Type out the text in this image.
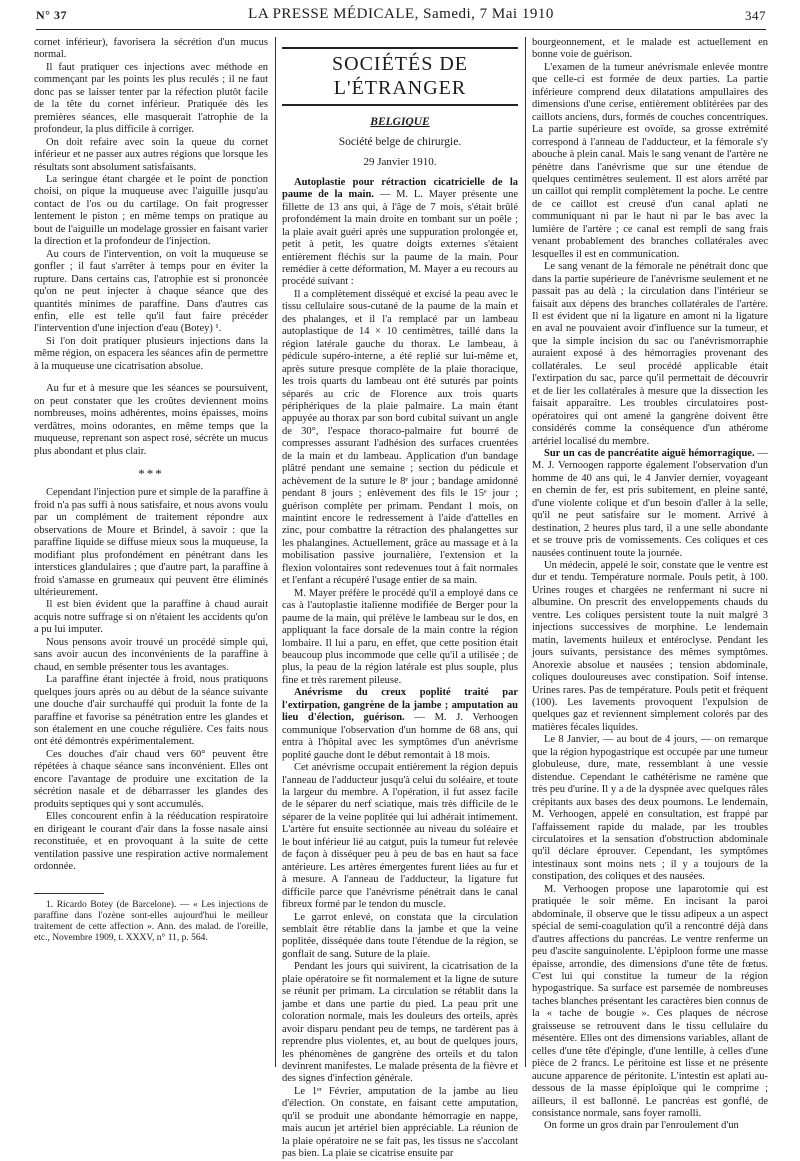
N° 37	LA PRESSE MÉDICALE, Samedi, 7 Mai 1910	347

cornet inférieur), favorisera la sécrétion d'un mucus normal.

Il faut pratiquer ces injections avec méthode en commençant par les points les plus reculés ; il ne faut donc pas se laisser tenter par la réfection plutôt facile de la tête du cornet inférieur. Pratiquée dès les premières séances, elle masquerait l'atrophie de la profondeur, la plus difficile à corriger.

On doit refaire avec soin la queue du cornet inférieur et ne passer aux autres régions que lorsque les résultats sont absolument satisfaisants.

La seringue étant chargée et le point de ponction choisi, on pique la muqueuse avec l'aiguille jusqu'au contact de l'os ou du cartilage. On fait progresser lentement le piston ; en même temps on pratique au bout de l'aiguille un modelage grossier en faisant varier la direction et la profondeur de l'injection.

Au cours de l'intervention, on voit la muqueuse se gonfler ; il faut s'arrêter à temps pour en éviter la rupture. Dans certains cas, l'atrophie est si prononcée qu'on ne peut injecter à chaque séance que des quantités minimes de paraffine. Dans d'autres cas enfin, elle est telle qu'il faut faire précéder l'intervention d'une injection d'eau (Botey) ¹.

Si l'on doit pratiquer plusieurs injections dans la même région, on espacera les séances afin de permettre à la muqueuse une cicatrisation absolue.

Au fur et à mesure que les séances se poursuivent, on peut constater que les croûtes deviennent moins nombreuses, moins adhérentes, moins épaisses, moins verdâtres, moins odorantes, en même temps que la muqueuse, reprenant son aspect rosé, sécrète un mucus plus abondant et plus clair.

***

Cependant l'injection pure et simple de la paraffine à froid n'a pas suffi à nous satisfaire, et nous avons voulu par un complément de traitement répondre aux observations de Moure et Brindel, à savoir : que la paraffine liquide se diffuse mieux sous la muqueuse, la modifiant plus profondément en pénétrant dans les interstices glandulaires ; que d'autre part, la paraffine à froid s'amasse en grumeaux qui peuvent être éliminés ultérieurement.

Il est bien évident que la paraffine à chaud aurait acquis notre suffrage si on n'étaient les accidents qu'on a pu lui imputer.

Nous pensons avoir trouvé un procédé simple qui, sans avoir aucun des inconvénients de la paraffine à chaud, en semble présenter tous les avantages.

La paraffine étant injectée à froid, nous pratiquons quelques jours après ou au début de la séance suivante une douche d'air surchauffé qui produit la fonte de la paraffine et favorise sa pénétration entre les glandes et son étalement en une couche régulière. Ces faits nous ont été démontrés expérimentalement.

Ces douches d'air chaud vers 60° peuvent être répétées à chaque séance sans inconvénient. Elles ont encore l'avantage de produire une excitation de la sécrétion nasale et de débarrasser les glandes des produits septiques qui y sont accumulés.

Elles concourent enfin à la rééducation respiratoire en dirigeant le courant d'air dans la fosse nasale ainsi reconstituée, et en provoquant à la suite de cette ventilation passive une respiration active normalement ordonnée.

1. Ricardo Botey (de Barcelone). — « Les injections de paraffine dans l'ozène sont-elles aujourd'hui le meilleur traitement de cette affection ». Ann. des malad. de l'oreille, etc., Novembre 1909, t. XXXV, n° 11, p. 564.

SOCIÉTÉS DE L'ÉTRANGER
BELGIQUE
Société belge de chirurgie.
29 Janvier 1910.

Autoplastie pour rétraction cicatricielle de la paume de la main. — M. L. Mayer présente une fillette de 13 ans qui, à l'âge de 7 mois, s'était brûlé profondément la main droite en tombant sur un poêle ; la plaie avait guéri après une suppuration prolongée et, petit à petit, les quatre doigts externes s'étaient entièrement fléchis sur la paume de la main. Pour remédier à cette déformation, M. Mayer a eu recours au procédé suivant :

Il a complètement disséqué et excisé la peau avec le tissu cellulaire sous-cutané de la paume de la main et des phalanges, et il l'a remplacé par un lambeau autoplastique de 14 × 10 centimètres, taillé dans la région latérale gauche du thorax. Le lambeau, à pédicule supéro-interne, a été replié sur lui-même et, après suture presque complète de la plaie thoracique, les trois quarts du lambeau ont été suturés par points séparés au cric de Florence aux trois quarts périphériques de la plaie palmaire. La main étant appuyée au thorax par son bord cubital suivant un angle de 30°, l'espace thoraco-palmaire fut bourré de compresses assurant l'adhésion des surfaces cruentées de la main et du lambeau. Application d'un bandage plâtré pendant une semaine ; section du pédicule et achèvement de la suture le 8ᵉ jour ; bandage amidonné pendant 8 jours ; enlèvement des fils le 15ᵉ jour ; guérison complète per primam. Pendant 1 mois, on maintint encore le redressement à l'aide d'attelles en zinc, pour combattre la rétraction des phalangettes sur les phalangines. Actuellement, grâce au massage et à la mobilisation passive journalière, l'extension et la flexion volontaires sont redevenues tout à fait normales et l'enfant a récupéré l'usage entier de sa main.

M. Mayer préfère le procédé qu'il a employé dans ce cas à l'autoplastie italienne modifiée de Berger pour la paume de la main, qui prélève le lambeau sur le dos, en appliquant la face dorsale de la main contre la région lombaire. Il lui a paru, en effet, que cette position était beaucoup plus incommode que celle qu'il a utilisée ; de plus, la peau de la région latérale est plus souple, plus fine et très rarement pileuse.

Anévrisme du creux poplité traité par l'extirpation, gangrène de la jambe ; amputation au lieu d'élection, guérison. — M. J. Verhoogen communique l'observation d'un homme de 68 ans, qui entra à l'hôpital avec les symptômes d'un anévrisme poplité gauche dont le début remontait à 18 mois.

Cet anévrisme occupait entièrement la région depuis l'anneau de l'adducteur jusqu'à celui du soléaire, et toute la largeur du membre. A l'opération, il fut assez facile de le séparer du nerf sciatique, mais très difficile de le séparer de la veine poplitée qui lui adhérait intimement. L'artère fut ensuite sectionnée au niveau du soléaire et le bout inférieur lié au catgut, puis la tumeur fut relevée de façon à disséquer peu à peu de bas en haut sa face antérieure. Les artères émergentes furent liées au fur et à mesure. A l'anneau de l'adducteur, la ligature fut difficile parce que l'anévrisme pénétrait dans le canal fibreux formé par le tendon du muscle.

Le garrot enlevé, on constata que la circulation semblait être rétablie dans la jambe et que la veine poplitée, disséquée dans toute l'étendue de la région, se gonflait de sang. Suture de la plaie.

Pendant les jours qui suivirent, la cicatrisation de la plaie opératoire se fit normalement et la ligne de suture se réunit per primam. La circulation se rétablit dans la jambe et dans une partie du pied. La peau prit une coloration normale, mais les douleurs des orteils, après avoir disparu pendant peu de temps, ne tardèrent pas à reprendre plus violentes, et, au bout de quelques jours, les phénomènes de gangrène des orteils et du talon devinrent manifestes. Le malade présenta de la fièvre et des signes d'infection générale.

Le 1ᵉʳ Février, amputation de la jambe au lieu d'élection. On constate, en faisant cette amputation, qu'il se produit une abondante hémorragie en nappe, mais aucun jet artériel bien appréciable. La réunion de la plaie opératoire ne se fait pas, les tissus ne s'accolant pas bien. La plaie se cicatrise ensuite par

bourgeonnement, et le malade est actuellement en bonne voie de guérison.

L'examen de la tumeur anévrismale enlevée montre que celle-ci est formée de deux parties. La partie inférieure comprend deux dilatations ampullaires des dimensions d'une cerise, entièrement oblitérées par des caillots anciens, durs, formés de couches concentriques. La partie supérieure est ovoïde, sa grosse extrémité correspond à l'anneau de l'adducteur, et la fémorale s'y abouche à plein canal. Mais le sang venant de l'artère ne pénètre dans l'anévrisme que sur une étendue de quelques centimètres seulement. Il est alors arrêté par un caillot qui remplit complètement la poche. Le centre de ce caillot est creusé d'un canal aplati ne communiquant ni par le haut ni par le bas avec la lumière de l'artère ; ce canal est rempli de sang frais venant probablement des branches collatérales avec lesquelles il est en communication.

Le sang venant de la fémorale ne pénétrait donc que dans la partie supérieure de l'anévrisme seulement et ne passait pas au delà ; la circulation dans l'intérieur se faisait aux dépens des branches collatérales de l'artère. Il est évident que ni la ligature en amont ni la ligature en aval ne pouvaient avoir d'influence sur la tumeur, et que la simple incision du sac ou l'anévrismorraphie auraient exposé à des hémorragies provenant des collatérales. Le seul procédé applicable était l'extirpation du sac, parce qu'il permettait de découvrir et de lier les collatérales à mesure que la dissection les faisait apparaître. Les troubles circulatoires post-opératoires qui ont amené la gangrène doivent être considérés comme la conséquence d'un athérome artériel localisé du membre.

Sur un cas de pancréatite aiguë hémorragique. — M. J. Vernoogen rapporte également l'observation d'un homme de 40 ans qui, le 4 Janvier dernier, voyageant en chemin de fer, est pris subitement, en pleine santé, d'une violente colique et d'un besoin d'aller à la selle, qu'il ne peut satisfaire sur le moment. Arrivé à destination, 2 heures plus tard, il a une selle abondante et se trouve pris de vomissements. Ces coliques et ces nausées continuent toute la journée.

Un médecin, appelé le soir, constate que le ventre est dur et tendu. Température normale. Pouls petit, à 100. Urines rouges et chargées ne renfermant ni sucre ni albumine. On prescrit des enveloppements chauds du ventre. Les coliques persistent toute la nuit malgré 3 injections successives de morphine. Le lendemain matin, lavements huileux et entéroclyse. Pendant les jours suivants, persistance des mêmes symptômes. Anorexie absolue et nausées ; tension abdominale, coliques douloureuses avec constipation. Soif intense. Urines rares. Pas de température. Pouls petit et fréquent (100). Les lavements provoquent l'expulsion de quelques gaz et reviennent simplement colorés par des matières fécales liquides.

Le 8 Janvier, — au bout de 4 jours, — on remarque que la région hypogastrique est occupée par une tumeur globuleuse, dure, mate, ressemblant à une vessie distendue. Cependant le cathétérisme ne ramène que très peu d'urine. Il y a de la dyspnée avec quelques râles crépitants aux bases des deux poumons. Le lendemain, M. Verhoogen, appelé en consultation, est frappé par l'affaissement rapide du malade, par les troubles circulatoires et la sensation d'obstruction abdominale qu'il déclare éprouver. Cependant, les symptômes intestinaux sont moins nets ; il y a toujours de la constipation, des coliques et des nausées.

M. Verhoogen propose une laparotomie qui est pratiquée le soir même. En incisant la paroi abdominale, il observe que le tissu adipeux a un aspect spécial de semi-coagulation qu'il a rencontré déjà dans d'autres affections du pancréas. Le ventre renferme un peu d'ascite sanguinolente. L'épiploon forme une masse épaisse, arrondie, des dimensions d'une tête de fœtus. C'est lui qui constitue la tumeur de la région hypogastrique. Sa surface est parsemée de nombreuses taches blanches présentant les caractères bien connus de la « tache de bougie ». Ces plaques de nécrose graisseuse se retrouvent dans le tissu cellulaire du mésentère. Elles ont des dimensions variables, allant de celles d'une tête d'épingle, d'une lentille, à celles d'une pièce de 2 francs. Le péritoine est lisse et ne présente aucune apparence de péritonite. L'intestin est aplati au-dessous de la masse épiploïque qui le comprime ; ailleurs, il est ballonné. Le pancréas est gonflé, de consistance normale, sans foyer ramolli.

On forme un gros drain par l'enroulement d'un
